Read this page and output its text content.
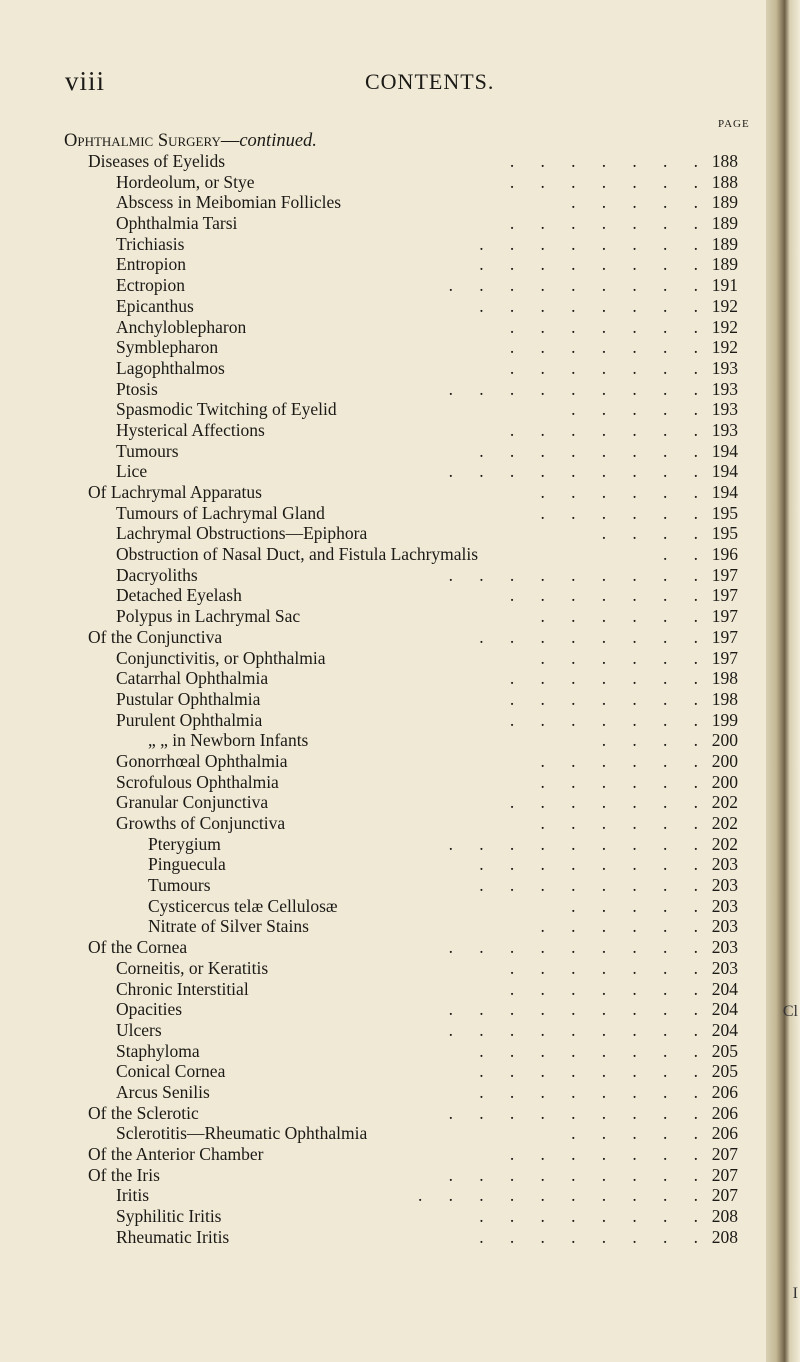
viii	CONTENTS.
PAGE
Ophthalmic Surgery—continued.
Diseases of Eyelids	.      .      .      .      .      .      . 188
Hordeolum, or Stye	.      .      .      .      .      .      . 188
Abscess in Meibomian Follicles	.      .      .      .      . 189
Ophthalmia Tarsi	.      .      .      .      .      .      . 189
Trichiasis	.      .      .      .      .      .      .      . 189
Entropion	.      .      .      .      .      .      .      . 189
Ectropion	.      .      .      .      .      .      .      .      . 191
Epicanthus	.      .      .      .      .      .      .      . 192
Anchyloblepharon	.      .      .      .      .      .      . 192
Symblepharon	.      .      .      .      .      .      . 192
Lagophthalmos	.      .      .      .      .      .      . 193
Ptosis	.      .      .      .      .      .      .      .      . 193
Spasmodic Twitching of Eyelid	.      .      .      .      . 193
Hysterical Affections	.      .      .      .      .      .      . 193
Tumours	.      .      .      .      .      .      .      . 194
Lice	.      .      .      .      .      .      .      .      . 194
Of Lachrymal Apparatus	.      .      .      .      .      . 194
Tumours of Lachrymal Gland	.      .      .      .      .      . 195
Lachrymal Obstructions—Epiphora	.      .      .      . 195
Obstruction of Nasal Duct, and Fistula Lachrymalis	.      . 196
Dacryoliths	.      .      .      .      .      .      .      .      . 197
Detached Eyelash	.      .      .      .      .      .      . 197
Polypus in Lachrymal Sac	.      .      .      .      .      . 197
Of the Conjunctiva	.      .      .      .      .      .      .      . 197
Conjunctivitis, or Ophthalmia	.      .      .      .      .      . 197
Catarrhal Ophthalmia	.      .      .      .      .      .      . 198
Pustular Ophthalmia	.      .      .      .      .      .      . 198
Purulent Ophthalmia	.      .      .      .      .      .      . 199
„ „ in Newborn Infants	.      .      .      . 200
Gonorrhœal Ophthalmia	.      .      .      .      .      . 200
Scrofulous Ophthalmia	.      .      .      .      .      . 200
Granular Conjunctiva	.      .      .      .      .      .      . 202
Growths of Conjunctiva	.      .      .      .      .      . 202
Pterygium	.      .      .      .      .      .      .      .      . 202
Pinguecula	.      .      .      .      .      .      .      . 203
Tumours	.      .      .      .      .      .      .      . 203
Cysticercus telæ Cellulosæ	.      .      .      .      . 203
Nitrate of Silver Stains	.      .      .      .      .      . 203
Of the Cornea	.      .      .      .      .      .      .      .      . 203
Corneitis, or Keratitis	.      .      .      .      .      .      . 203
Chronic Interstitial	.      .      .      .      .      .      . 204
Opacities	.      .      .      .      .      .      .      .      . 204
Ulcers	.      .      .      .      .      .      .      .      . 204
Staphyloma	.      .      .      .      .      .      .      . 205
Conical Cornea	.      .      .      .      .      .      .      . 205
Arcus Senilis	.      .      .      .      .      .      .      . 206
Of the Sclerotic	.      .      .      .      .      .      .      .      . 206
Sclerotitis—Rheumatic Ophthalmia	.      .      .      .      . 206
Of the Anterior Chamber	.      .      .      .      .      .      . 207
Of the Iris	.      .      .      .      .      .      .      .      . 207
Iritis	.      .      .      .      .      .      .      .      .      . 207
Syphilitic Iritis	.      .      .      .      .      .      .      . 208
Rheumatic Iritis	.      .      .      .      .      .      .      . 208
Cl
I
